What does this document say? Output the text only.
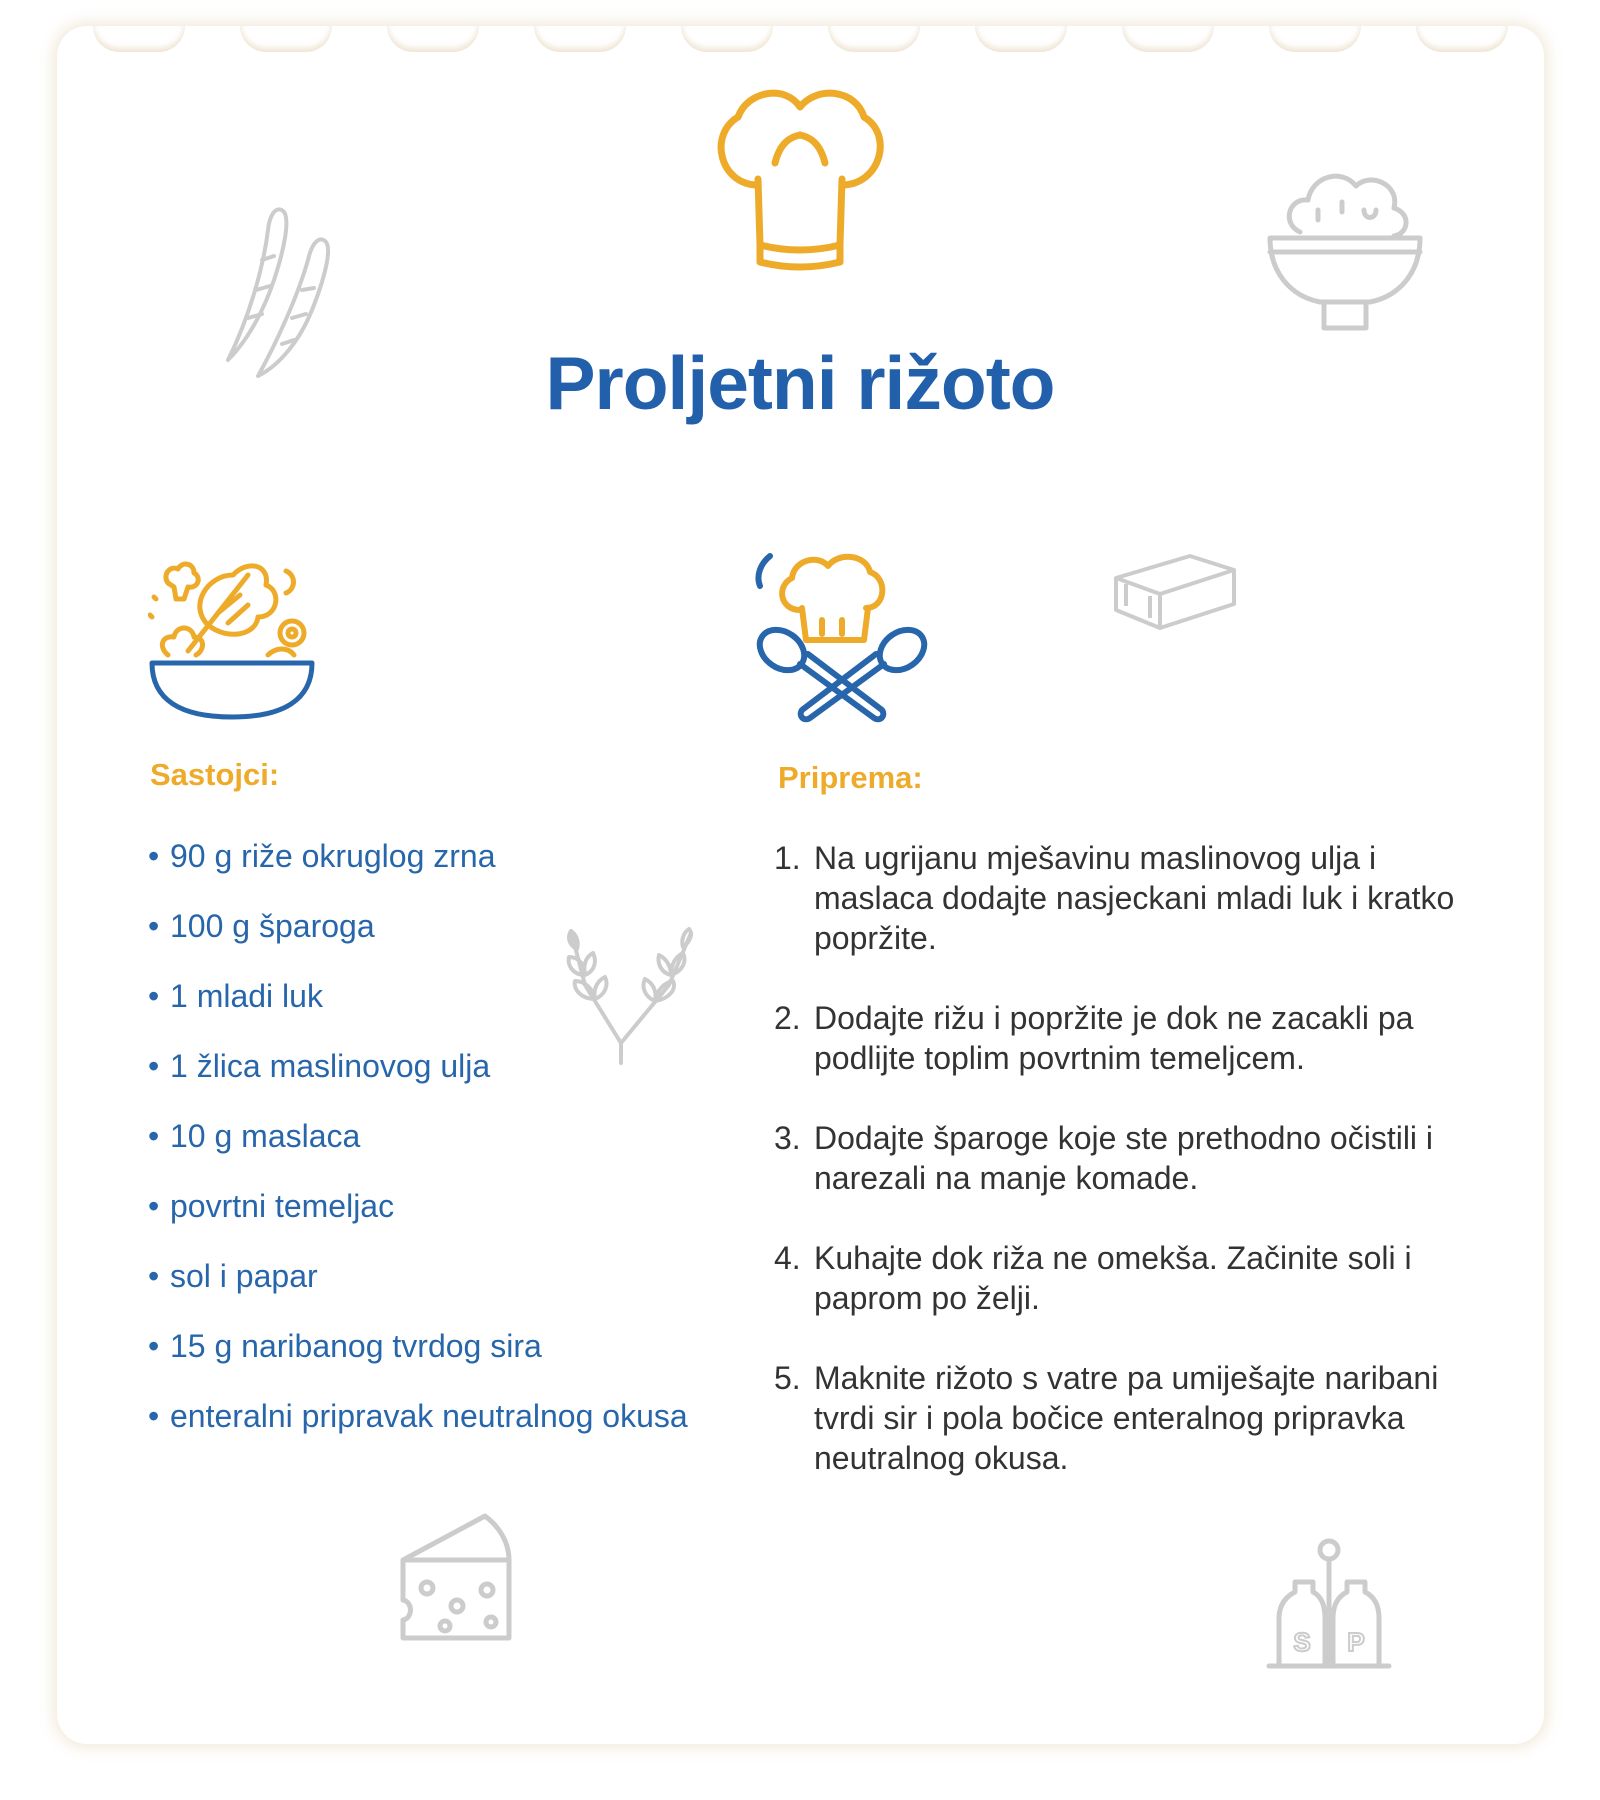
Proljetni rižoto
S P
Sastojci:
• 90 g riže okruglog zrna
• 100 g šparoga
• 1 mladi luk
• 1 žlica maslinovog ulja
• 10 g maslaca
• povrtni temeljac
• sol i papar
• 15 g naribanog tvrdog sira
• enteralni pripravak neutralnog okusa
Priprema:
1. Na ugrijanu mješavinu maslinovog ulja i maslaca dodajte nasjeckani mladi luk i kratko popržite.
2. Dodajte rižu i popržite je dok ne zacakli pa podlijte toplim povrtnim temeljcem.
3. Dodajte šparoge koje ste prethodno očistili i narezali na manje komade.
4. Kuhajte dok riža ne omekša. Začinite soli i paprom po želji.
5. Maknite rižoto s vatre pa umiješajte naribani tvrdi sir i pola bočice enteralnog pripravka neutralnog okusa.
